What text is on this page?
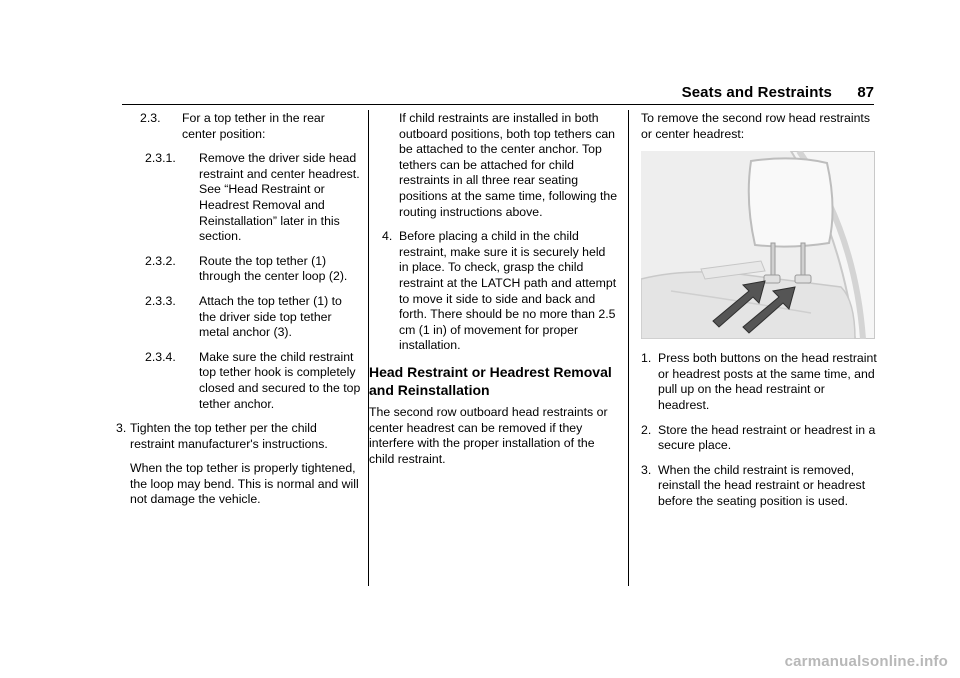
Seats and Restraints 87
2.3.	For a top tether in the rear center position:
2.3.1.	Remove the driver side head restraint and center headrest. See “Head Restraint or Headrest Removal and Reinstallation” later in this section.
2.3.2.	Route the top tether (1) through the center loop (2).
2.3.3.	Attach the top tether (1) to the driver side top tether metal anchor (3).
2.3.4.	Make sure the child restraint top tether hook is completely closed and secured to the top tether anchor.
3. Tighten the top tether per the child restraint manufacturer's instructions.

When the top tether is properly tightened, the loop may bend. This is normal and will not damage the vehicle.

If child restraints are installed in both outboard positions, both top tethers can be attached to the center anchor. Top tethers can be attached for child restraints in all three rear seating positions at the same time, following the routing instructions above.

4. Before placing a child in the child restraint, make sure it is securely held in place. To check, grasp the child restraint at the LATCH path and attempt to move it side to side and back and forth. There should be no more than 2.5 cm (1 in) of movement for proper installation.
Head Restraint or Headrest Removal and Reinstallation

The second row outboard head restraints or center headrest can be removed if they interfere with the proper installation of the child restraint.

To remove the second row head restraints or center headrest:

1. Press both buttons on the head restraint or headrest posts at the same time, and pull up on the head restraint or headrest.
2. Store the head restraint or headrest in a secure place.
3. When the child restraint is removed, reinstall the head restraint or headrest before the seating position is used.
carmanualsonline.info
